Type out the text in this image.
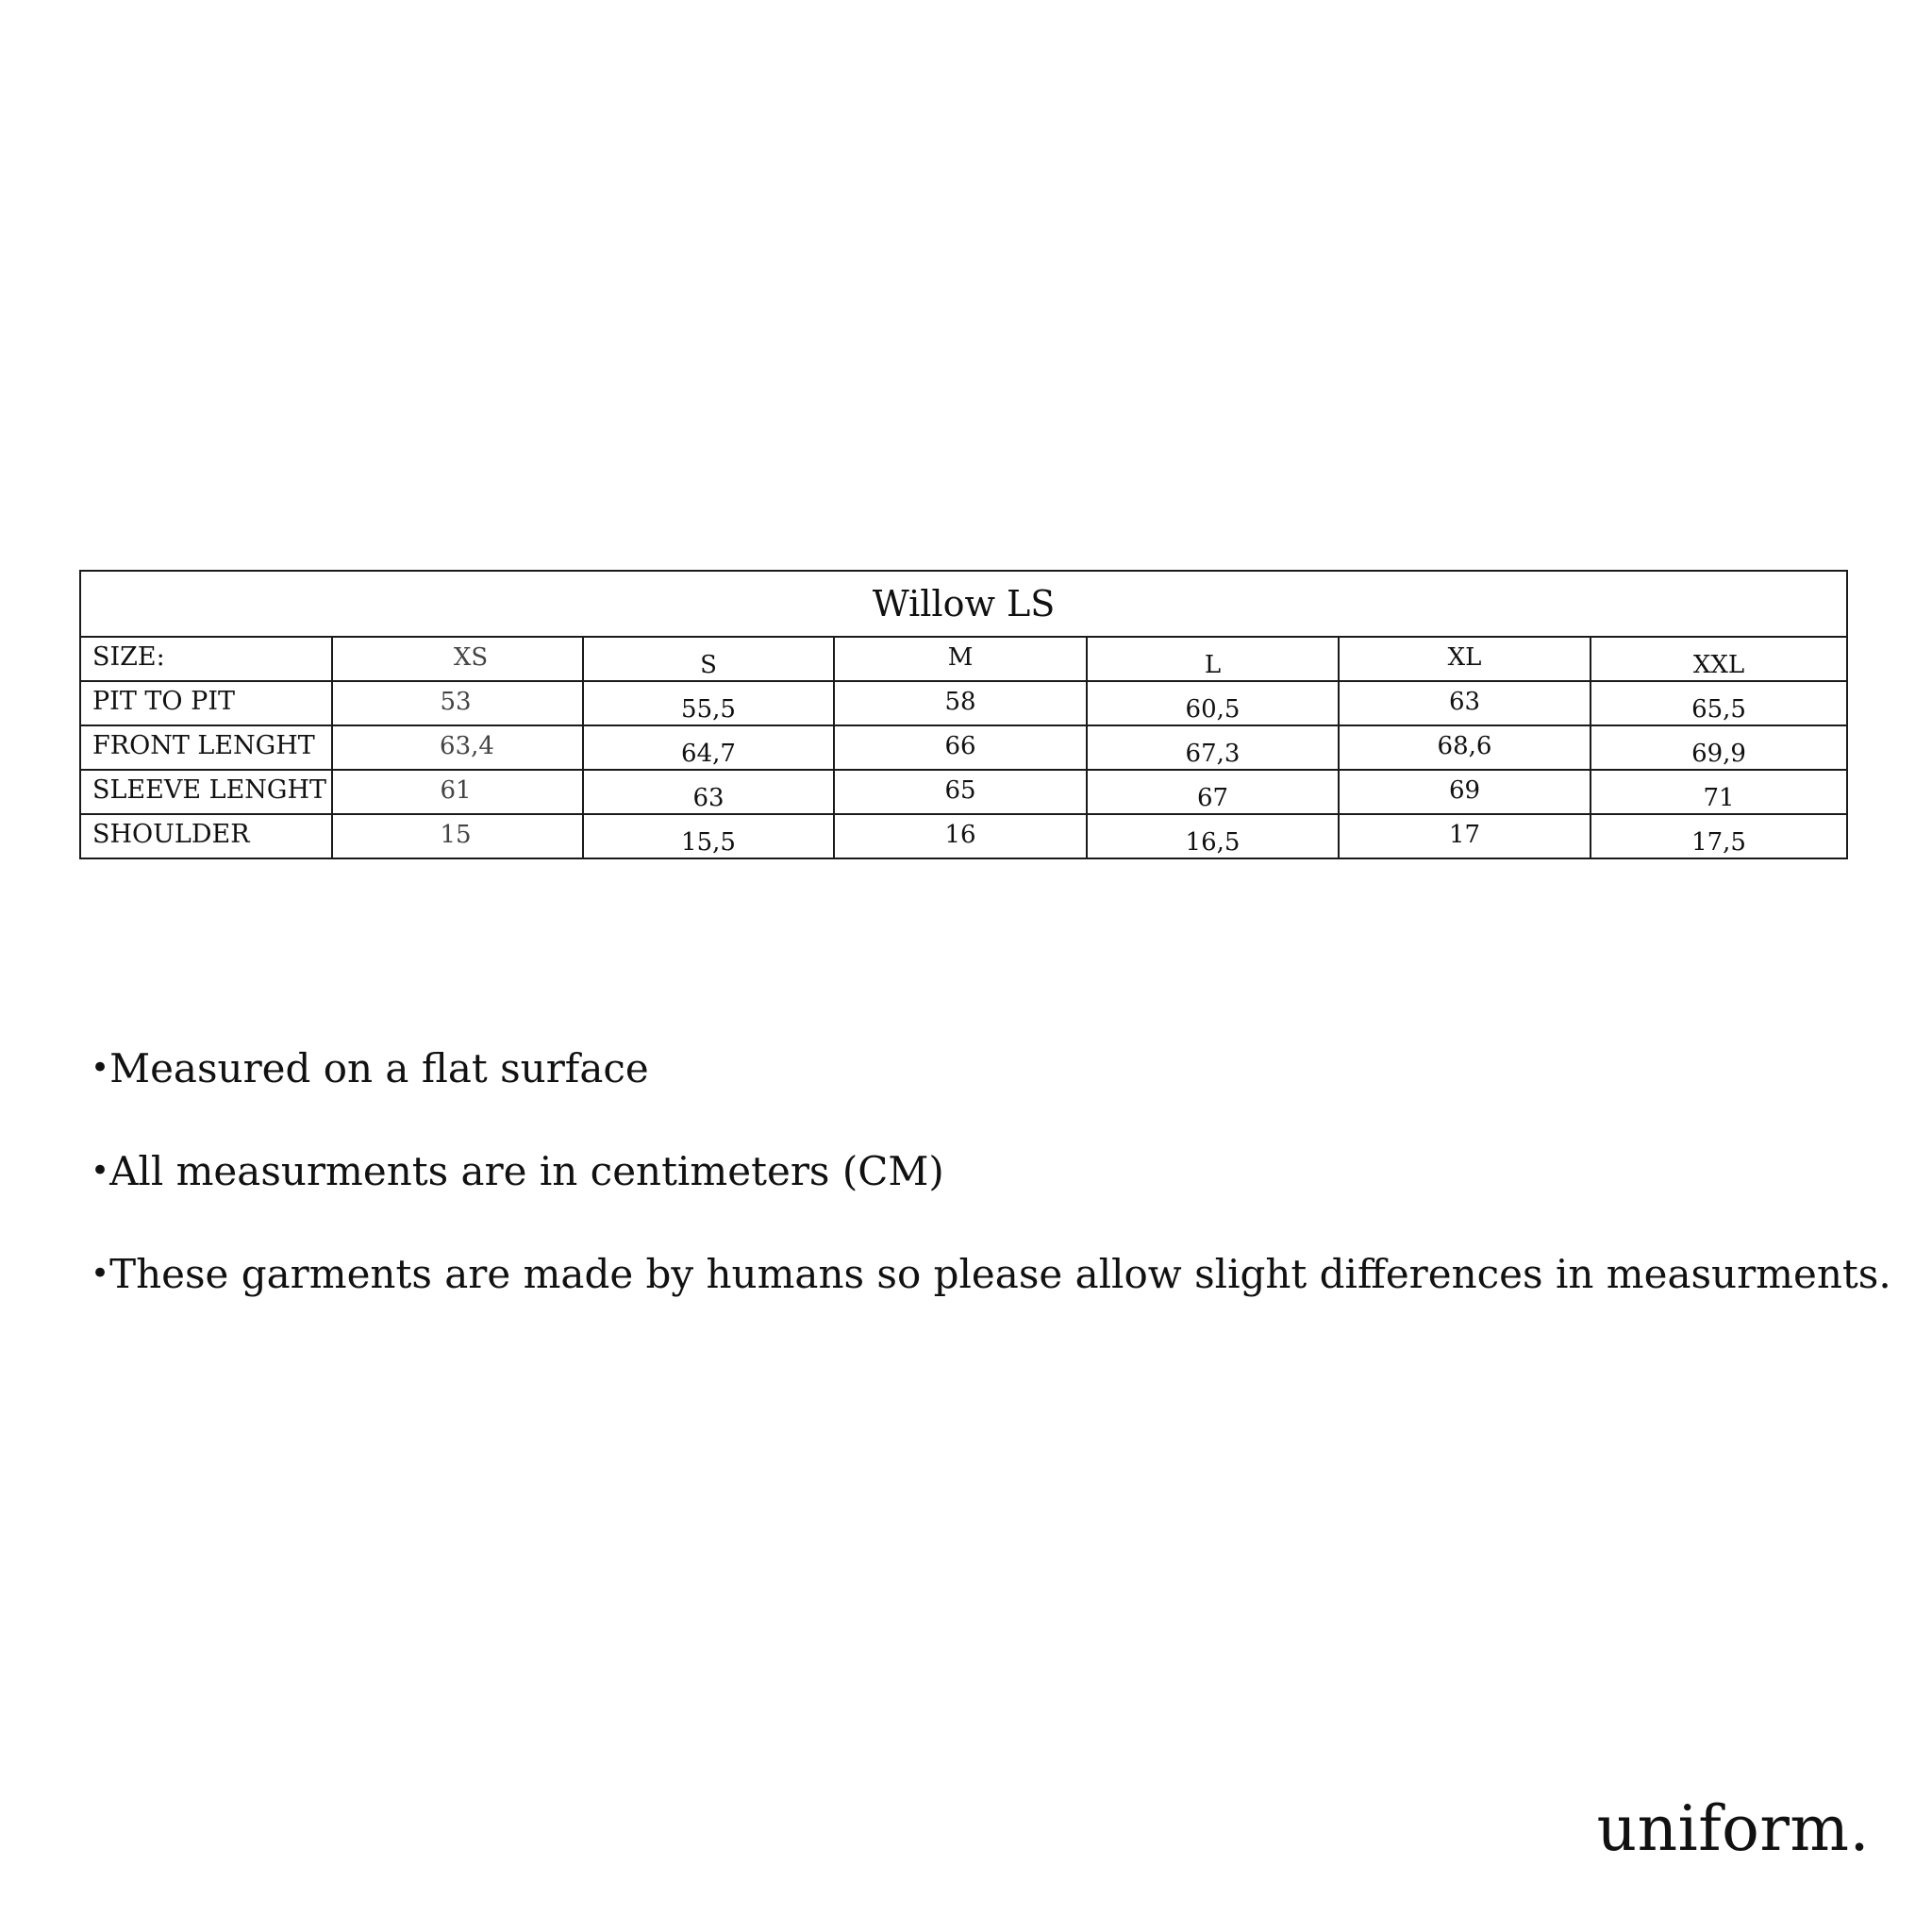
Willow LS						
SIZE:	XS	S	M	L	XL	XXL
PIT TO PIT	53	55,5	58	60,5	63	65,5
FRONT LENGHT	63,4	64,7	66	67,3	68,6	69,9
SLEEVE LENGHT	61	63	65	67	69	71
SHOULDER	15	15,5	16	16,5	17	17,5
•Measured on a flat surface
•All measurments are in centimeters (CM)
•These garments are made by humans so please allow slight differences in measurments.
uniform.
